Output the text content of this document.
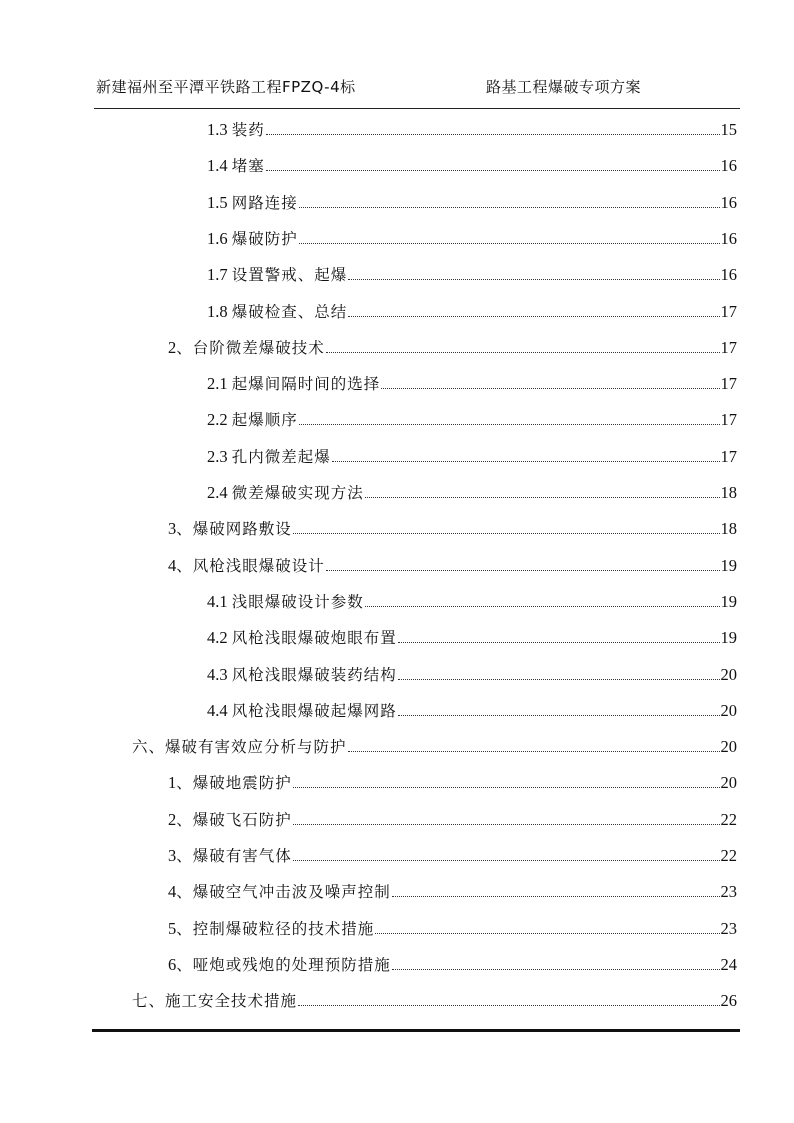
新建福州至平潭平铁路工程FPZQ-4标	路基工程爆破专项方案
1.3 装药	15
1.4 堵塞	16
1.5 网路连接	16
1.6 爆破防护	16
1.7 设置警戒、起爆	16
1.8 爆破检查、总结	17
2、台阶微差爆破技术	17
2.1 起爆间隔时间的选择	17
2.2 起爆顺序	17
2.3 孔内微差起爆	17
2.4 微差爆破实现方法	18
3、爆破网路敷设	18
4、风枪浅眼爆破设计	19
4.1 浅眼爆破设计参数	19
4.2 风枪浅眼爆破炮眼布置	19
4.3 风枪浅眼爆破装药结构	20
4.4 风枪浅眼爆破起爆网路	20
六、爆破有害效应分析与防护	20
1、爆破地震防护	20
2、爆破飞石防护	22
3、爆破有害气体	22
4、爆破空气冲击波及噪声控制	23
5、控制爆破粒径的技术措施	23
6、哑炮或残炮的处理预防措施	24
七、施工安全技术措施	26
